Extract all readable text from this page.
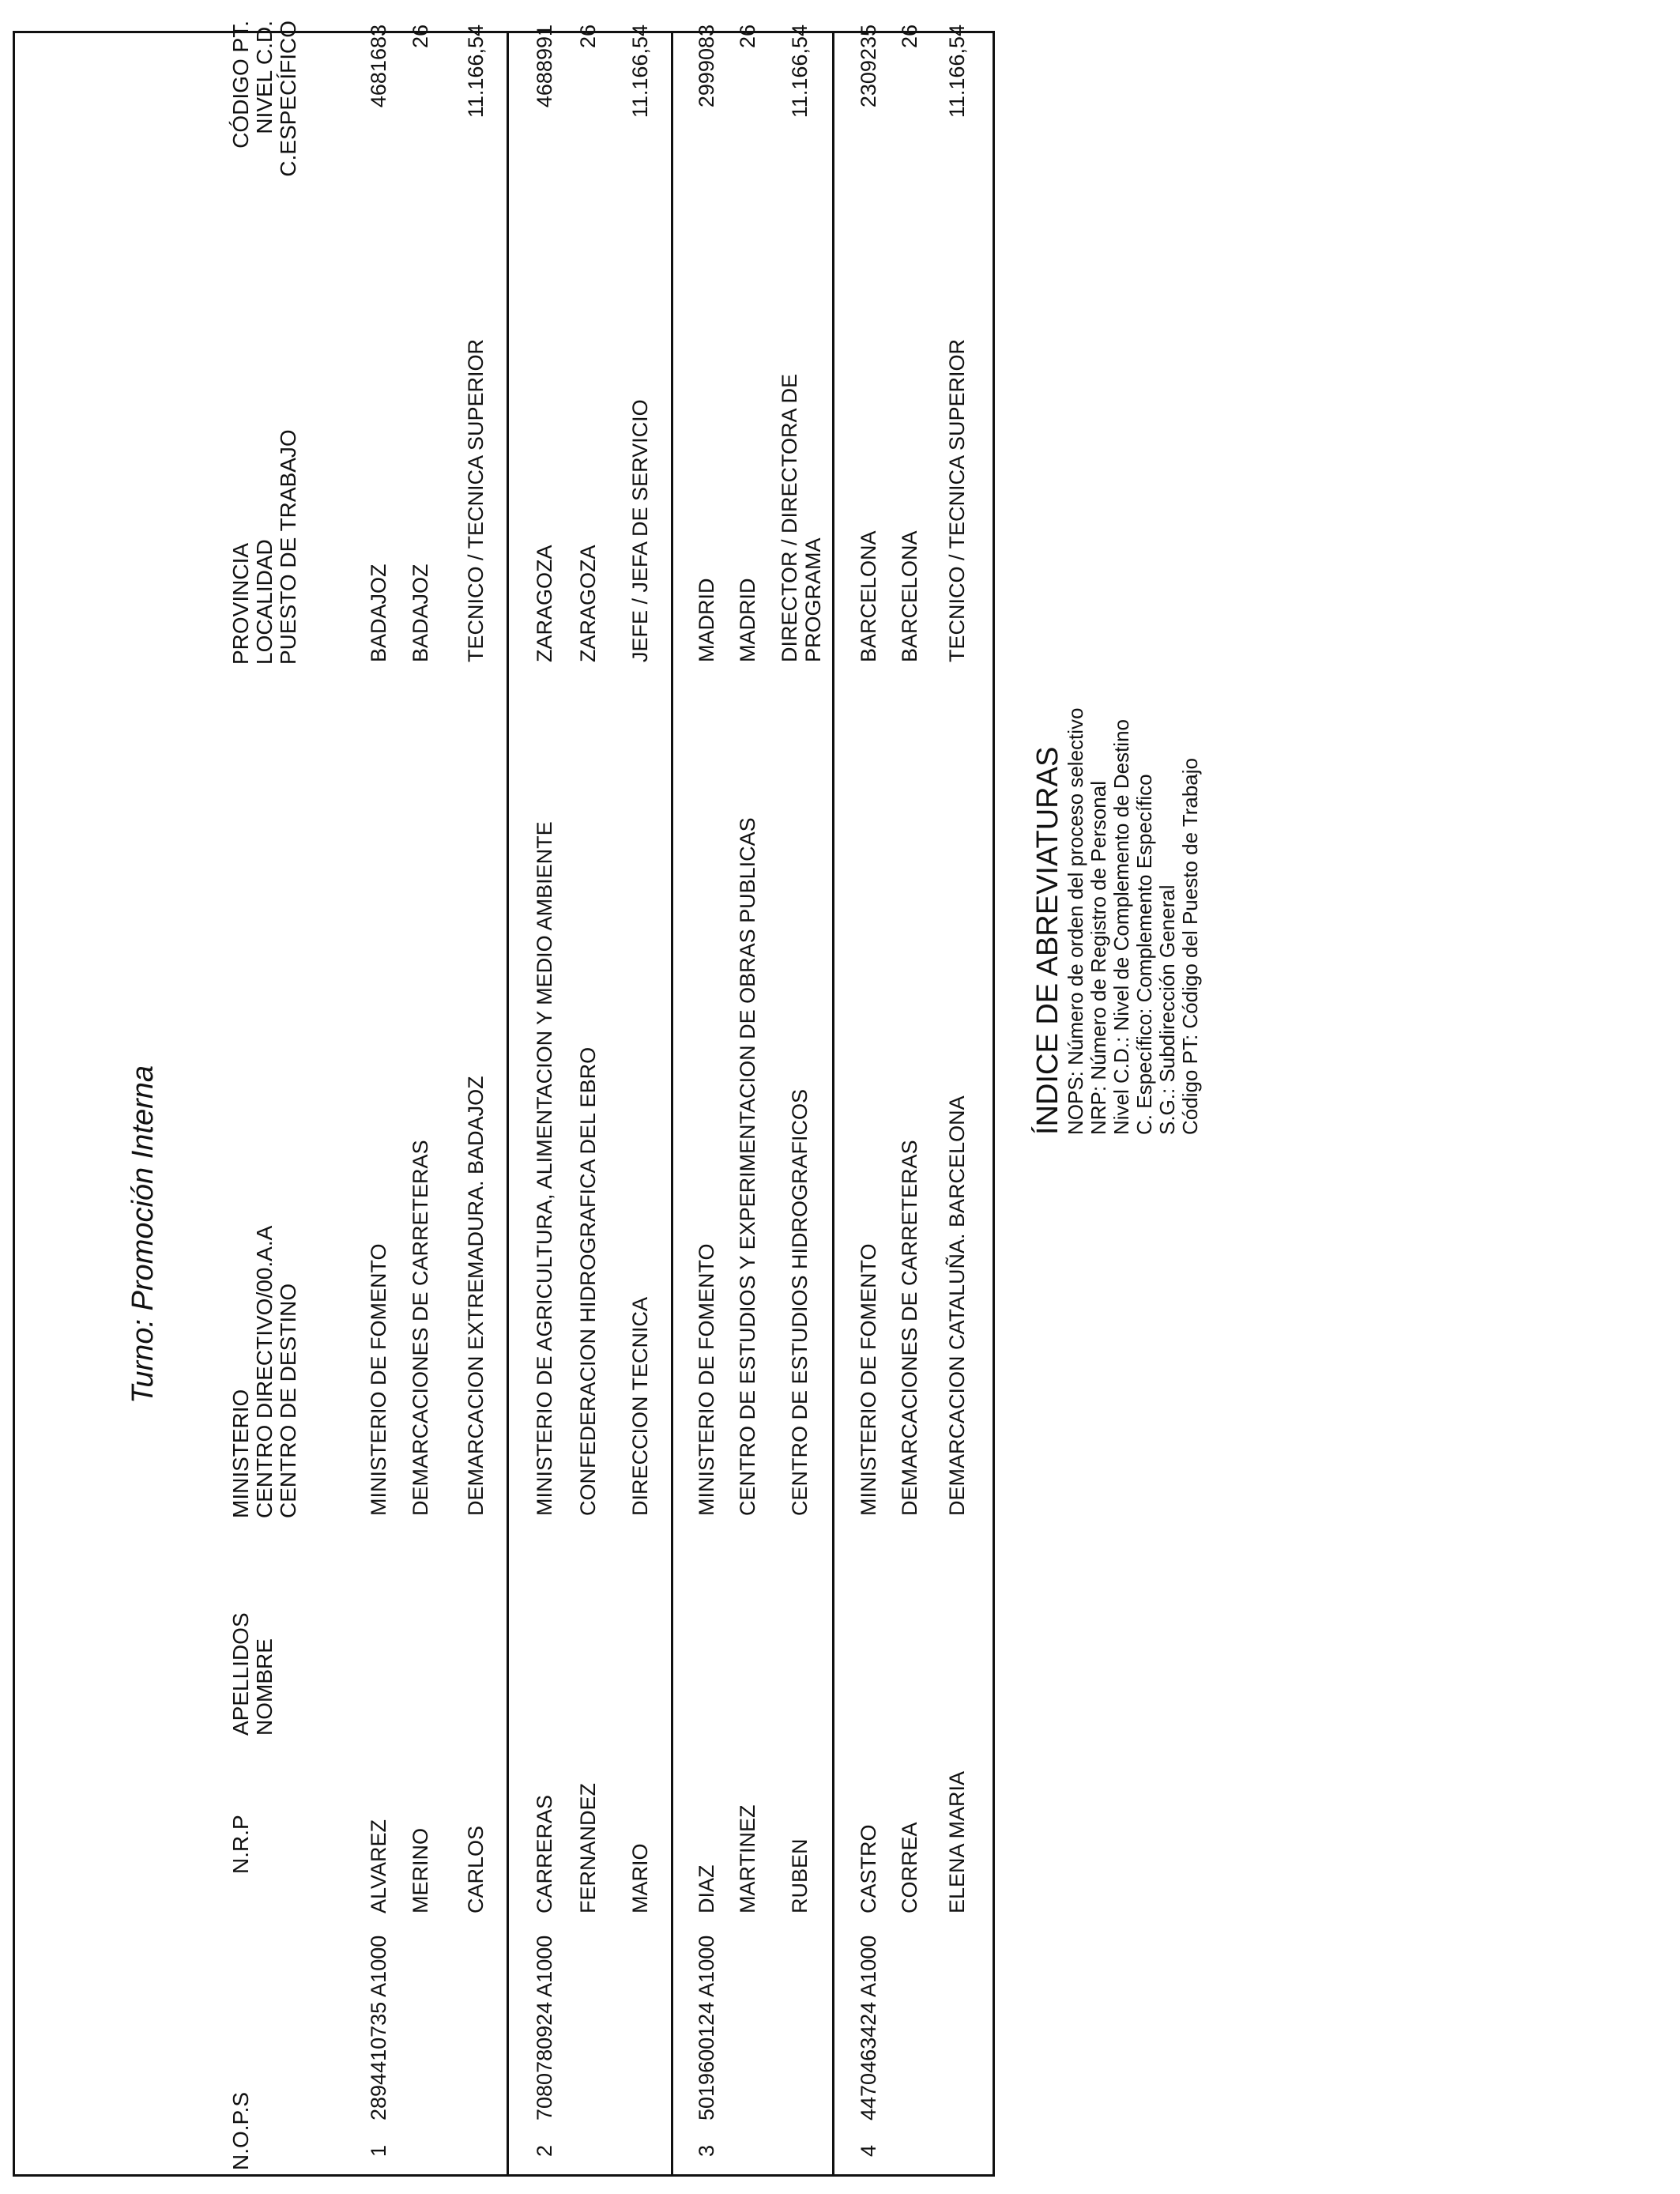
Turno: Promoción Interna
N.O.P.S
N.R.P
APELLIDOS NOMBRE
MINISTERIO CENTRO DIRECTIVO/00.A.A CENTRO DE DESTINO
PROVINCIA LOCALIDAD PUESTO DE TRABAJO
CÓDIGO PT. NIVEL C.D. C.ESPECÍFICO
1
2894410735 A1000
ALVAREZ MERINO CARLOS
MINISTERIO DE FOMENTO DEMARCACIONES DE CARRETERAS DEMARCACION EXTREMADURA. BADAJOZ
BADAJOZ BADAJOZ TECNICO / TECNICA SUPERIOR
4681683 26 11.166,54
2
7080780924 A1000
CARRERAS FERNANDEZ MARIO
MINISTERIO DE AGRICULTURA, ALIMENTACION Y MEDIO AMBIENTE CONFEDERACION HIDROGRAFICA DEL EBRO DIRECCION TECNICA
ZARAGOZA ZARAGOZA JEFE / JEFA DE SERVICIO
4688991 26 11.166,54
3
5019600124 A1000
DIAZ MARTINEZ RUBEN
MINISTERIO DE FOMENTO CENTRO DE ESTUDIOS Y EXPERIMENTACION DE OBRAS PUBLICAS CENTRO DE ESTUDIOS HIDROGRAFICOS
MADRID MADRID DIRECTOR / DIRECTORA DE PROGRAMA
2999083 26 11.166,54
4
4470463424 A1000
CASTRO CORREA ELENA MARIA
MINISTERIO DE FOMENTO DEMARCACIONES DE CARRETERAS DEMARCACION CATALUÑA. BARCELONA
BARCELONA BARCELONA TECNICO / TECNICA SUPERIOR
2309235 26 11.166,54
ÍNDICE DE ABREVIATURAS NOPS: Número de orden del proceso selectivo NRP: Número de Registro de Personal Nivel C.D.: Nivel de Complemento de Destino C. Específico: Complemento Específico S.G.: Subdirección General Código PT: Código del Puesto de Trabajo
